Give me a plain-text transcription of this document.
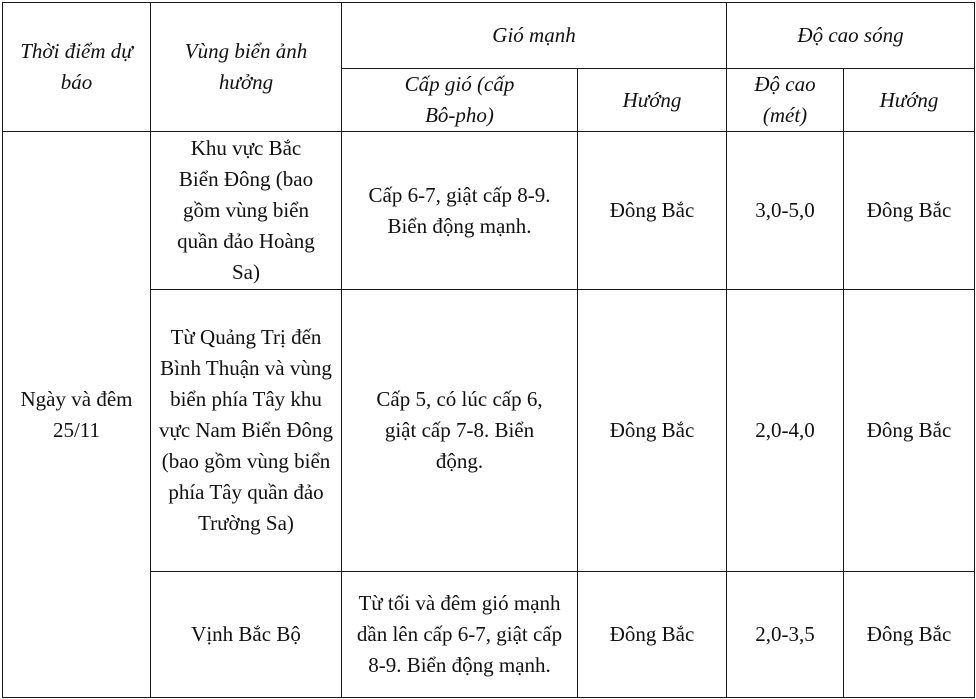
Thời điểm dự báo	Vùng biển ảnh hưởng	Gió mạnh		Độ cao sóng	
		Cấp gió (cấp Bô-pho)	Hướng	Độ cao (mét)	Hướng
Ngày và đêm 25/11	Khu vực Bắc Biển Đông (bao gồm vùng biển quần đảo Hoàng Sa)	Cấp 6-7, giật cấp 8-9. Biển động mạnh.	Đông Bắc	3,0-5,0	Đông Bắc
	Từ Quảng Trị đến Bình Thuận và vùng biển phía Tây khu vực Nam Biển Đông (bao gồm vùng biển phía Tây quần đảo Trường Sa)	Cấp 5, có lúc cấp 6, giật cấp 7-8. Biển động.	Đông Bắc	2,0-4,0	Đông Bắc
	Vịnh Bắc Bộ	Từ tối và đêm gió mạnh dần lên cấp 6-7, giật cấp 8-9. Biển động mạnh.	Đông Bắc	2,0-3,5	Đông Bắc
